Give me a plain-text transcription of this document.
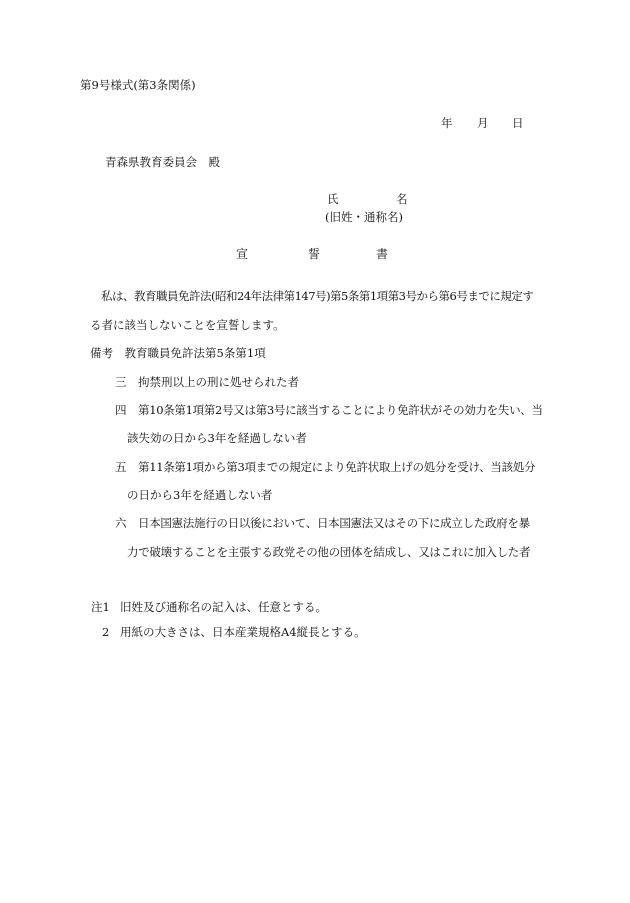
第9号様式(第3条関係)
年 月 日
青森県教育委員会　殿
氏	名
(旧姓・通称名)
宣	誓	書
私は、教育職員免許法(昭和24年法律第147号)第5条第1項第3号から第6号までに規定す
る者に該当しないことを宣誓します。
備考　教育職員免許法第5条第1項
三 拘禁刑以上の刑に処せられた者
四 第10条第1項第2号又は第3号に該当することにより免許状がその効力を失い、当
該失効の日から3年を経過しない者
五 第11条第1項から第3項までの規定により免許状取上げの処分を受け、当該処分
の日から3年を経過しない者
六 日本国憲法施行の日以後において、日本国憲法又はその下に成立した政府を暴
力で破壊することを主張する政党その他の団体を結成し、又はこれに加入した者
注1 旧姓及び通称名の記入は、任意とする。
2 用紙の大きさは、日本産業規格A4縦長とする。
